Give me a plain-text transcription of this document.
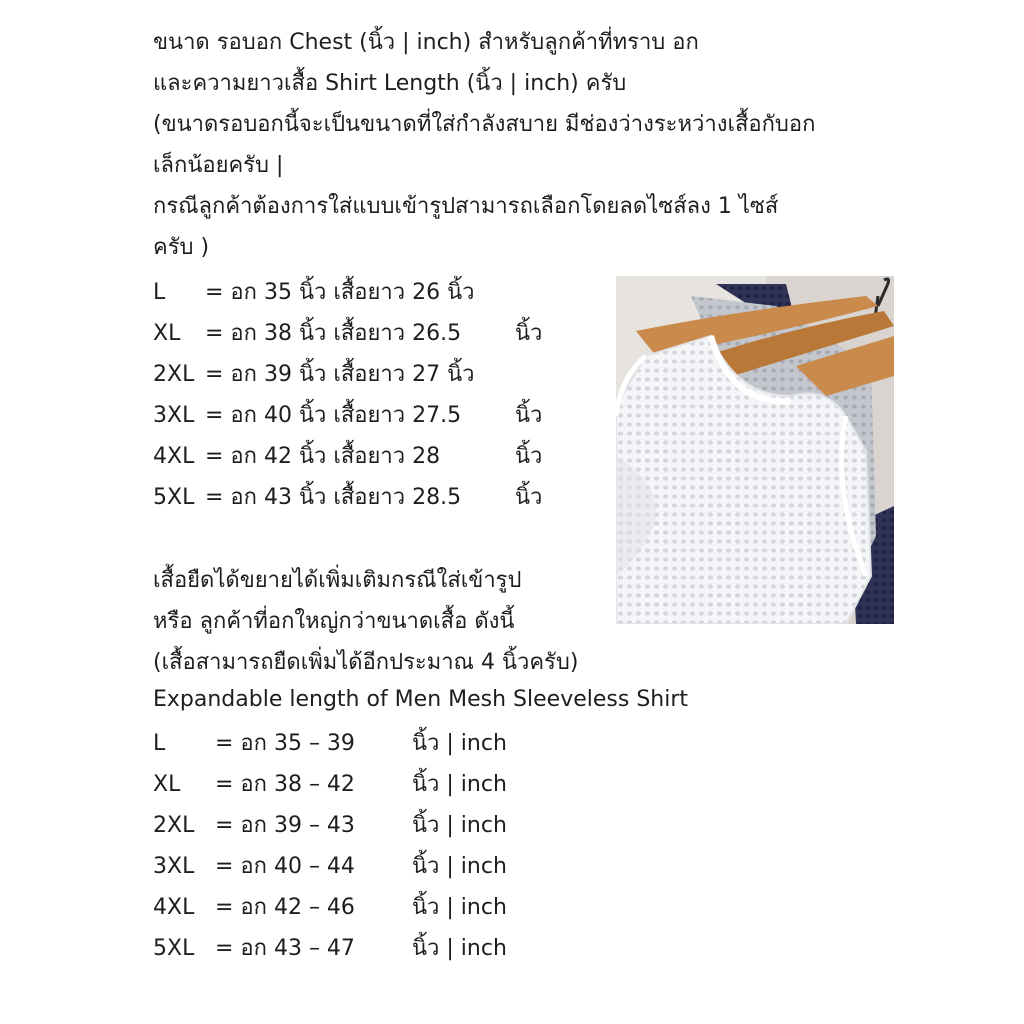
ขนาด รอบอก Chest (นิ้ว | inch) สำหรับลูกค้าที่ทราบ อก

และความยาวเสื้อ Shirt Length (นิ้ว | inch) ครับ

(ขนาดรอบอกนี้จะเป็นขนาดที่ใส่กำลังสบาย มีช่องว่างระหว่างเสื้อกับอก

เล็กน้อยครับ |

กรณีลูกค้าต้องการใส่แบบเข้ารูปสามารถเลือกโดยลดไซส์ลง 1 ไซส์

ครับ )

L = อก 35 นิ้ว เสื้อยาว 26 นิ้ว
XL = อก 38 นิ้ว เสื้อยาว 26.5 นิ้ว
2XL = อก 39 นิ้ว เสื้อยาว 27 นิ้ว
3XL = อก 40 นิ้ว เสื้อยาว 27.5 นิ้ว
4XL = อก 42 นิ้ว เสื้อยาว 28	นิ้ว
5XL = อก 43 นิ้ว เสื้อยาว 28.5 นิ้ว

เสื้อยืดได้ขยายได้เพิ่มเติมกรณีใส่เข้ารูป

หรือ ลูกค้าที่อกใหญ่กว่าขนาดเสื้อ ดังนี้

(เสื้อสามารถยืดเพิ่มได้อีกประมาณ 4 นิ้วครับ)

Expandable length of Men Mesh Sleeveless Shirt

L = อก 35 – 39	นิ้ว | inch
XL = อก 38 – 42	นิ้ว | inch
2XL = อก 39 – 43	นิ้ว | inch
3XL = อก 40 – 44	นิ้ว | inch
4XL = อก 42 – 46	นิ้ว | inch
5XL = อก 43 – 47	นิ้ว | inch
